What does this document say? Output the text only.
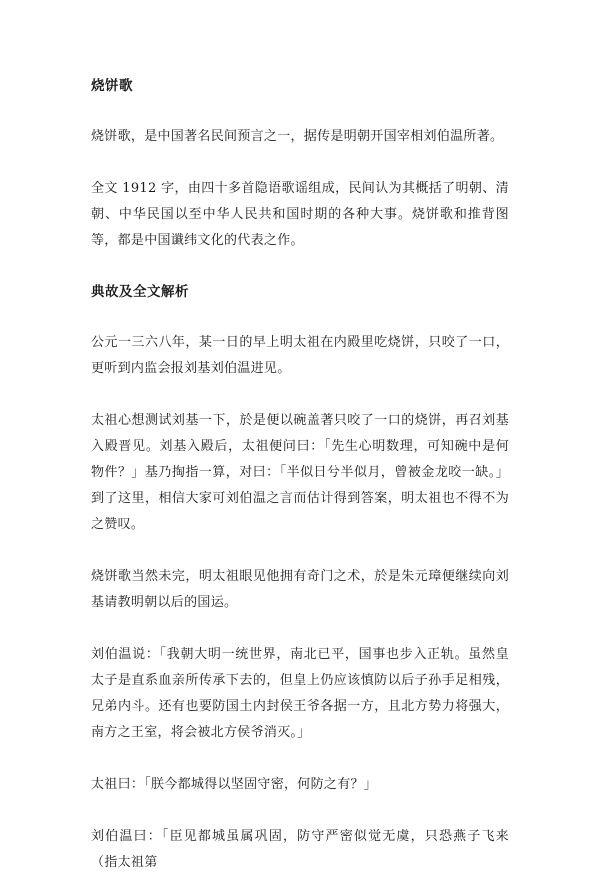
烧饼歌

烧饼歌，是中国著名民间预言之一，据传是明朝开国宰相刘伯温所著。

全文 1912 字，由四十多首隐语歌谣组成，民间认为其概括了明朝、清朝、中华民国以至中华人民共和国时期的各种大事。烧饼歌和推背图等，都是中国谶纬文化的代表之作。

典故及全文解析

公元一三六八年，某一日的早上明太祖在内殿里吃烧饼，只咬了一口，更听到内监会报刘基刘伯温进见。

太祖心想测试刘基一下，於是便以碗盖著只咬了一口的烧饼，再召刘基入殿晋见。刘基入殿后，太祖便问曰：「先生心明数理，可知碗中是何物件？」基乃掏指一算，对曰：「半似日兮半似月，曾被金龙咬一缺。」到了这里，相信大家可刘伯温之言而估计得到答案，明太祖也不得不为之赞叹。

烧饼歌当然未完，明太祖眼见他拥有奇门之术，於是朱元璋便继续向刘基请教明朝以后的国运。

刘伯温说：「我朝大明一统世界，南北已平，国事也步入正轨。虽然皇太子是直系血亲所传承下去的，但皇上仍应该慎防以后子孙手足相残，兄弟内斗。还有也要防国土内封侯王爷各据一方，且北方势力将强大，南方之王室，将会被北方侯爷消灭。」

太祖曰：「朕今都城得以坚固守密，何防之有？」

刘伯温曰：「臣见都城虽属巩固，防守严密似觉无虞，只恐燕子飞来（指太祖第
